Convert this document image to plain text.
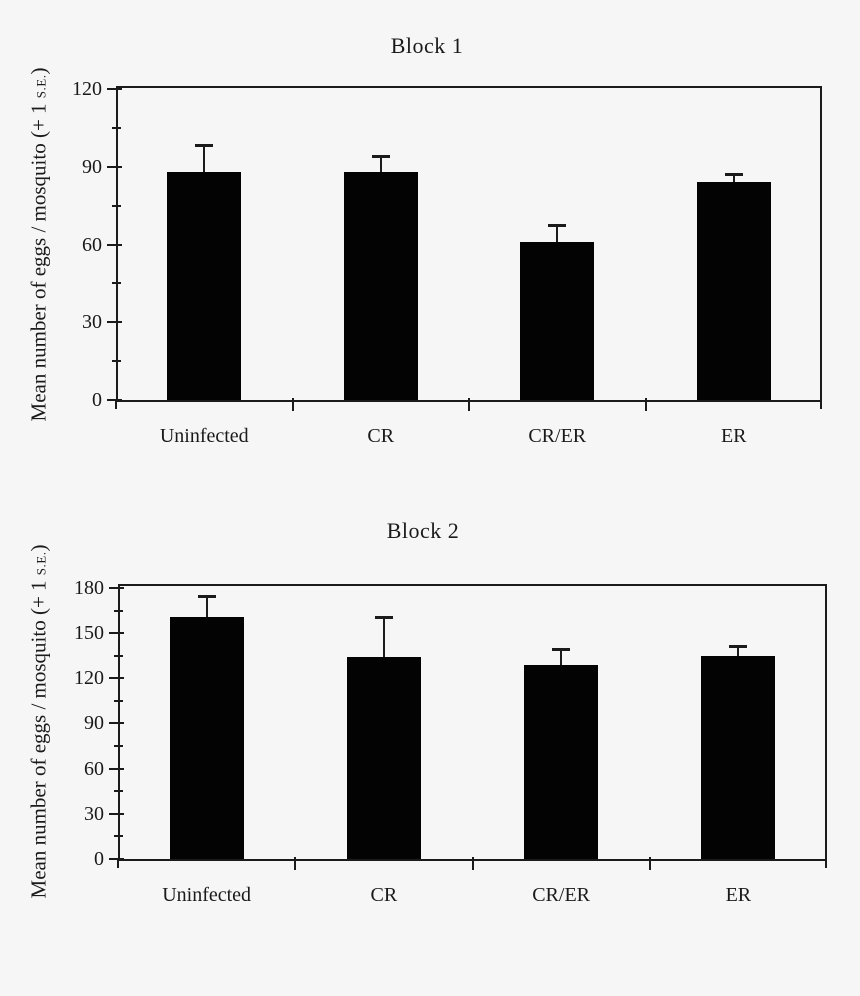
Block 1
Mean number of eggs / mosquito (+ 1 S.E.)
0
30
60
90
120
Uninfected	CR	CR/ER	ER
Block 2
Mean number of eggs / mosquito (+ 1 S.E.)
0
30
60
90
120
150
180
Uninfected	CR	CR/ER	ER
